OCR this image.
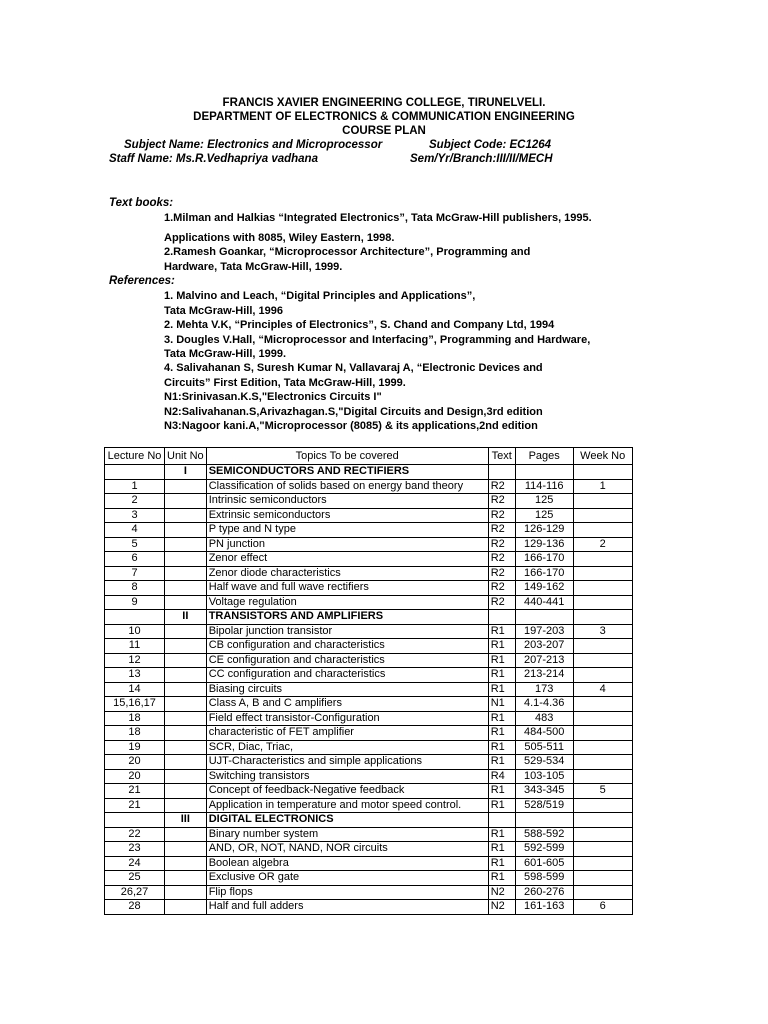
FRANCIS XAVIER ENGINEERING COLLEGE, TIRUNELVELI.
DEPARTMENT OF ELECTRONICS & COMMUNICATION ENGINEERING
COURSE PLAN
Subject Name: Electronics and Microprocessor	Subject Code: EC1264
Staff Name: Ms.R.Vedhapriya vadhana	Sem/Yr/Branch:III/II/MECH
Text books:
1.Milman and Halkias “Integrated Electronics”, Tata McGraw-Hill publishers, 1995.
Applications with 8085, Wiley Eastern, 1998.
2.Ramesh Goankar, “Microprocessor Architecture”, Programming and
Hardware, Tata McGraw-Hill, 1999.
References:
1. Malvino and Leach, “Digital Principles and Applications”,
Tata McGraw-Hill, 1996
2. Mehta V.K, “Principles of Electronics”, S. Chand and Company Ltd, 1994
3. Dougles V.Hall, “Microprocessor and Interfacing”, Programming and Hardware,
Tata McGraw-Hill, 1999.
4. Salivahanan S, Suresh Kumar N, Vallavaraj A, “Electronic Devices and
Circuits” First Edition, Tata McGraw-Hill, 1999.
N1:Srinivasan.K.S,"Electronics Circuits I"
N2:Salivahanan.S,Arivazhagan.S,"Digital Circuits and Design,3rd edition
N3:Nagoor kani.A,"Microprocessor (8085) & its applications,2nd edition
Lecture No	Unit No	Topics To be covered	Text	Pages	Week No
	I	SEMICONDUCTORS AND RECTIFIERS			
1		Classification of solids based on energy band theory	R2	114-116	1
2		Intrinsic semiconductors	R2	125	
3		Extrinsic semiconductors	R2	125	
4		P type and N type	R2	126-129	
5		PN junction	R2	129-136	2
6		Zenor effect	R2	166-170	
7		Zenor diode characteristics	R2	166-170	
8		Half wave and full wave rectifiers	R2	149-162	
9		Voltage regulation	R2	440-441	
	II	TRANSISTORS AND AMPLIFIERS			
10		Bipolar junction transistor	R1	197-203	3
11		CB configuration and characteristics	R1	203-207	
12		CE configuration and characteristics	R1	207-213	
13		CC configuration and characteristics	R1	213-214	
14		Biasing circuits	R1	173	4
15,16,17		Class A, B and C amplifiers	N1	4.1-4.36	
18		Field effect transistor-Configuration	R1	483	
18		characteristic of FET amplifier	R1	484-500	
19		SCR, Diac, Triac,	R1	505-511	
20		UJT-Characteristics and simple applications	R1	529-534	
20		Switching transistors	R4	103-105	
21		Concept of feedback-Negative feedback	R1	343-345	5
21		Application in temperature and motor speed control.	R1	528/519	
	III	DIGITAL ELECTRONICS			
22		Binary number system	R1	588-592	
23		AND, OR, NOT, NAND, NOR circuits	R1	592-599	
24		Boolean algebra	R1	601-605	
25		Exclusive OR gate	R1	598-599	
26,27		Flip flops	N2	260-276	
28		Half and full adders	N2	161-163	6
